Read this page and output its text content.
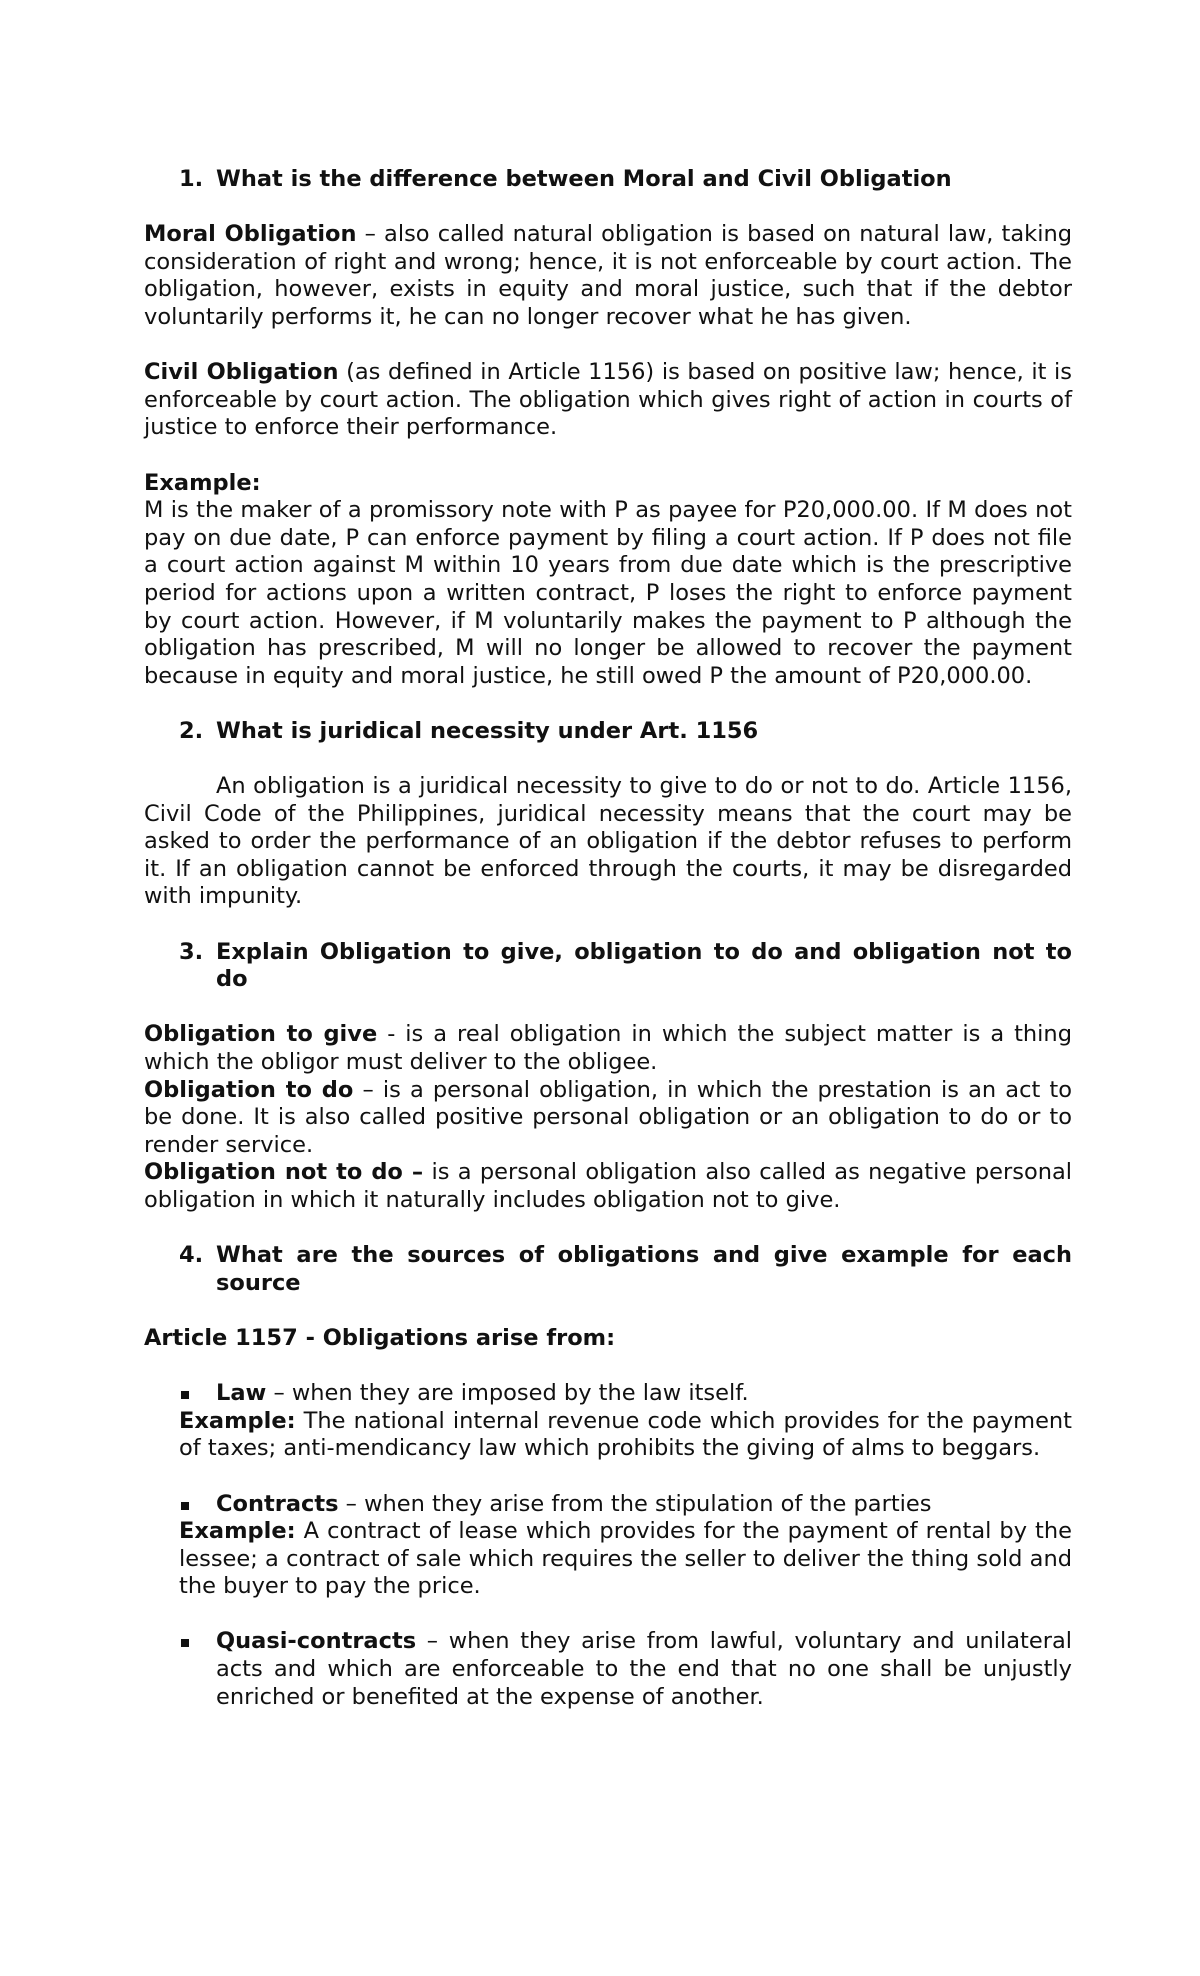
1. What is the difference between Moral and Civil Obligation

Moral Obligation – also called natural obligation is based on natural law, taking consideration of right and wrong; hence, it is not enforceable by court action. The obligation, however, exists in equity and moral justice, such that if the debtor voluntarily performs it, he can no longer recover what he has given.

Civil Obligation (as defined in Article 1156) is based on positive law; hence, it is enforceable by court action. The obligation which gives right of action in courts of justice to enforce their performance.

Example:

M is the maker of a promissory note with P as payee for P20,000.00. If M does not pay on due date, P can enforce payment by filing a court action. If P does not file a court action against M within 10 years from due date which is the prescriptive period for actions upon a written contract, P loses the right to enforce payment by court action. However, if M voluntarily makes the payment to P although the obligation has prescribed, M will no longer be allowed to recover the payment because in equity and moral justice, he still owed P the amount of P20,000.00.

2. What is juridical necessity under Art. 1156

An obligation is a juridical necessity to give to do or not to do. Article 1156, Civil Code of the Philippines, juridical necessity means that the court may be asked to order the performance of an obligation if the debtor refuses to perform it. If an obligation cannot be enforced through the courts, it may be disregarded with impunity.

3. Explain Obligation to give, obligation to do and obligation not to do

Obligation to give - is a real obligation in which the subject matter is a thing which the obligor must deliver to the obligee.

Obligation to do – is a personal obligation, in which the prestation is an act to be done. It is also called positive personal obligation or an obligation to do or to render service.

Obligation not to do – is a personal obligation also called as negative personal obligation in which it naturally includes obligation not to give.

4. What are the sources of obligations and give example for each source

Article 1157 - Obligations arise from:

Law – when they are imposed by the law itself.

Example: The national internal revenue code which provides for the payment of taxes; anti-mendicancy law which prohibits the giving of alms to beggars.

Contracts – when they arise from the stipulation of the parties

Example: A contract of lease which provides for the payment of rental by the lessee; a contract of sale which requires the seller to deliver the thing sold and the buyer to pay the price.

Quasi-contracts – when they arise from lawful, voluntary and unilateral acts and which are enforceable to the end that no one shall be unjustly enriched or benefited at the expense of another.
